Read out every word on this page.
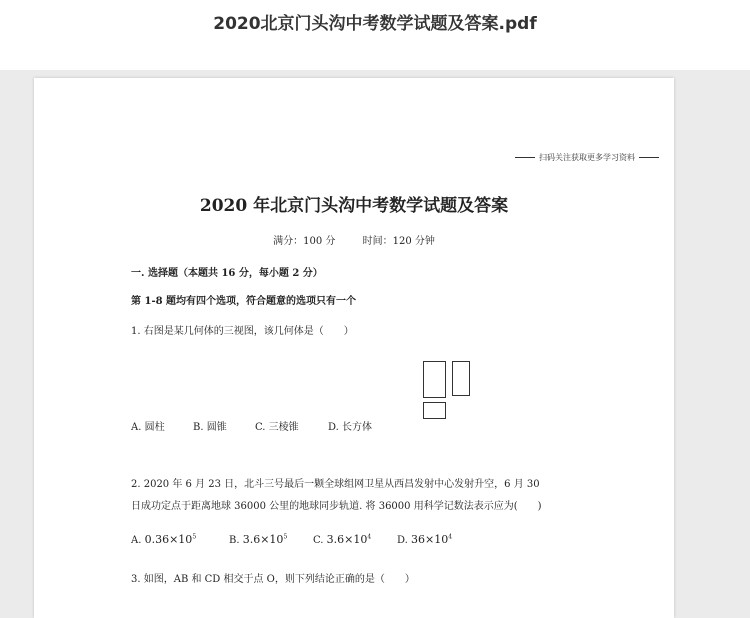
2020北京门头沟中考数学试题及答案.pdf
扫码关注获取更多学习资料
2020 年北京门头沟中考数学试题及答案
满分：100 分	时间：120 分钟
一. 选择题（本题共 16 分，每小题 2 分）
第 1-8 题均有四个选项，符合题意的选项只有一个
1. 右图是某几何体的三视图，该几何体是（　　）
A. 圆柱	B. 圆锥	C. 三棱锥	D. 长方体
2. 2020 年 6 月 23 日，北斗三号最后一颗全球组网卫星从西昌发射中心发射升空，6 月 30
日成功定点于距离地球 36000 公里的地球同步轨道. 将 36000 用科学记数法表示应为(　　)
A. $0.36\times 10^5$	B. $3.6\times 10^5$	C. $3.6\times 10^4$	D. $36\times 10^4$
3. 如图，AB 和 CD 相交于点 O，则下列结论正确的是（　　）
